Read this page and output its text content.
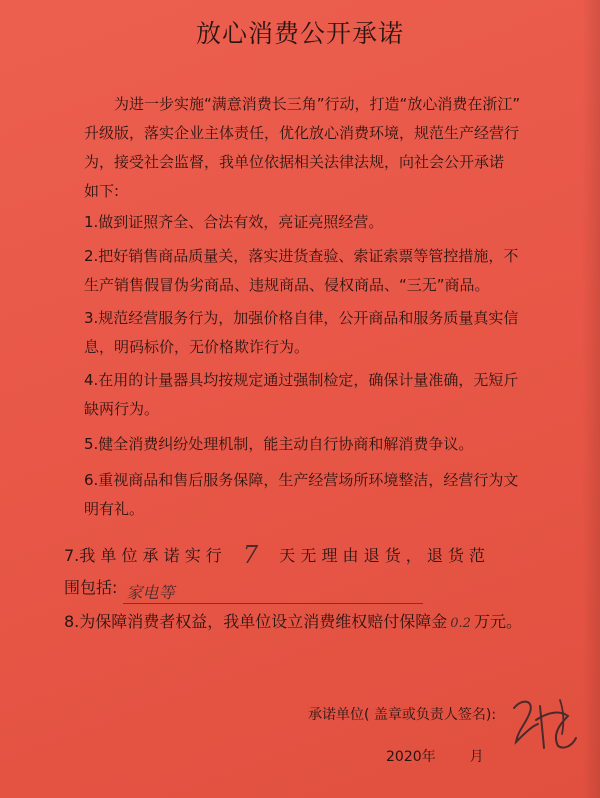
放心消费公开承诺
为进一步实施“满意消费长三角”行动，打造“放心消费在浙江”
升级版，落实企业主体责任，优化放心消费环境，规范生产经营行
为，接受社会监督，我单位依据相关法律法规，向社会公开承诺
如下:
1.做到证照齐全、合法有效，亮证亮照经营。
2.把好销售商品质量关，落实进货查验、索证索票等管控措施，不
生产销售假冒伪劣商品、违规商品、侵权商品、“三无”商品。
3.规范经营服务行为，加强价格自律，公开商品和服务质量真实信
息，明码标价，无价格欺诈行为。
4.在用的计量器具均按规定通过强制检定，确保计量准确，无短斤
缺两行为。
5.健全消费纠纷处理机制，能主动自行协商和解消费争议。
6.重视商品和售后服务保障，生产经营场所环境整洁，经营行为文
明有礼。
7.我 单 位 承 诺 实 行 7 天 无 理 由 退 货 ， 退 货 范
围包括: 家电等
8.为保障消费者权益，我单位设立消费维权赔付保障金 0.2 万元。
承诺单位( 盖章或负责人签名):
2020年 月
